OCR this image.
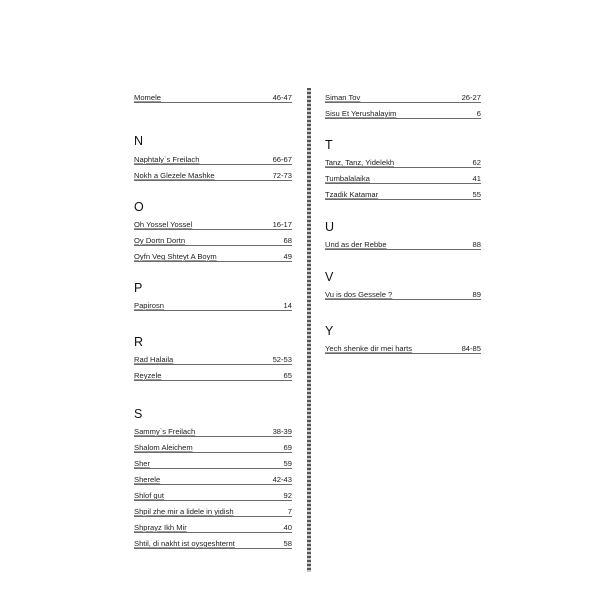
Momele	46-47
N
Naphtaly`s Freilach	66-67
Nokh a Glezele Mashke	72-73
O
Oh Yossel Yossel	16-17
Oy Dortn Dortn	68
Oyfn Veg Shteyt A Boym	49
P
Papirosn	14
R
Rad Halaila	52-53
Reyzele	65
S
Sammy`s Freilach	38-39
Shalom Aleichem	69
Sher	59
Sherele	42-43
Shlof gut	92
Shpil zhe mir a lidele in yidish	7
Shprayz Ikh Mir	40
Shtil, di nakht ist oysgeshternt	58
Siman Tov	26-27
Sisu Et Yerushalayim	6
T
Tanz, Tanz, Yidelekh	62
Tumbalalaika	41
Tzadik Katamar	55
U
Und as der Rebbe	88
V
Vu is dos Gessele ?	89
Y
Yech shenke dir mei harts	84-85
